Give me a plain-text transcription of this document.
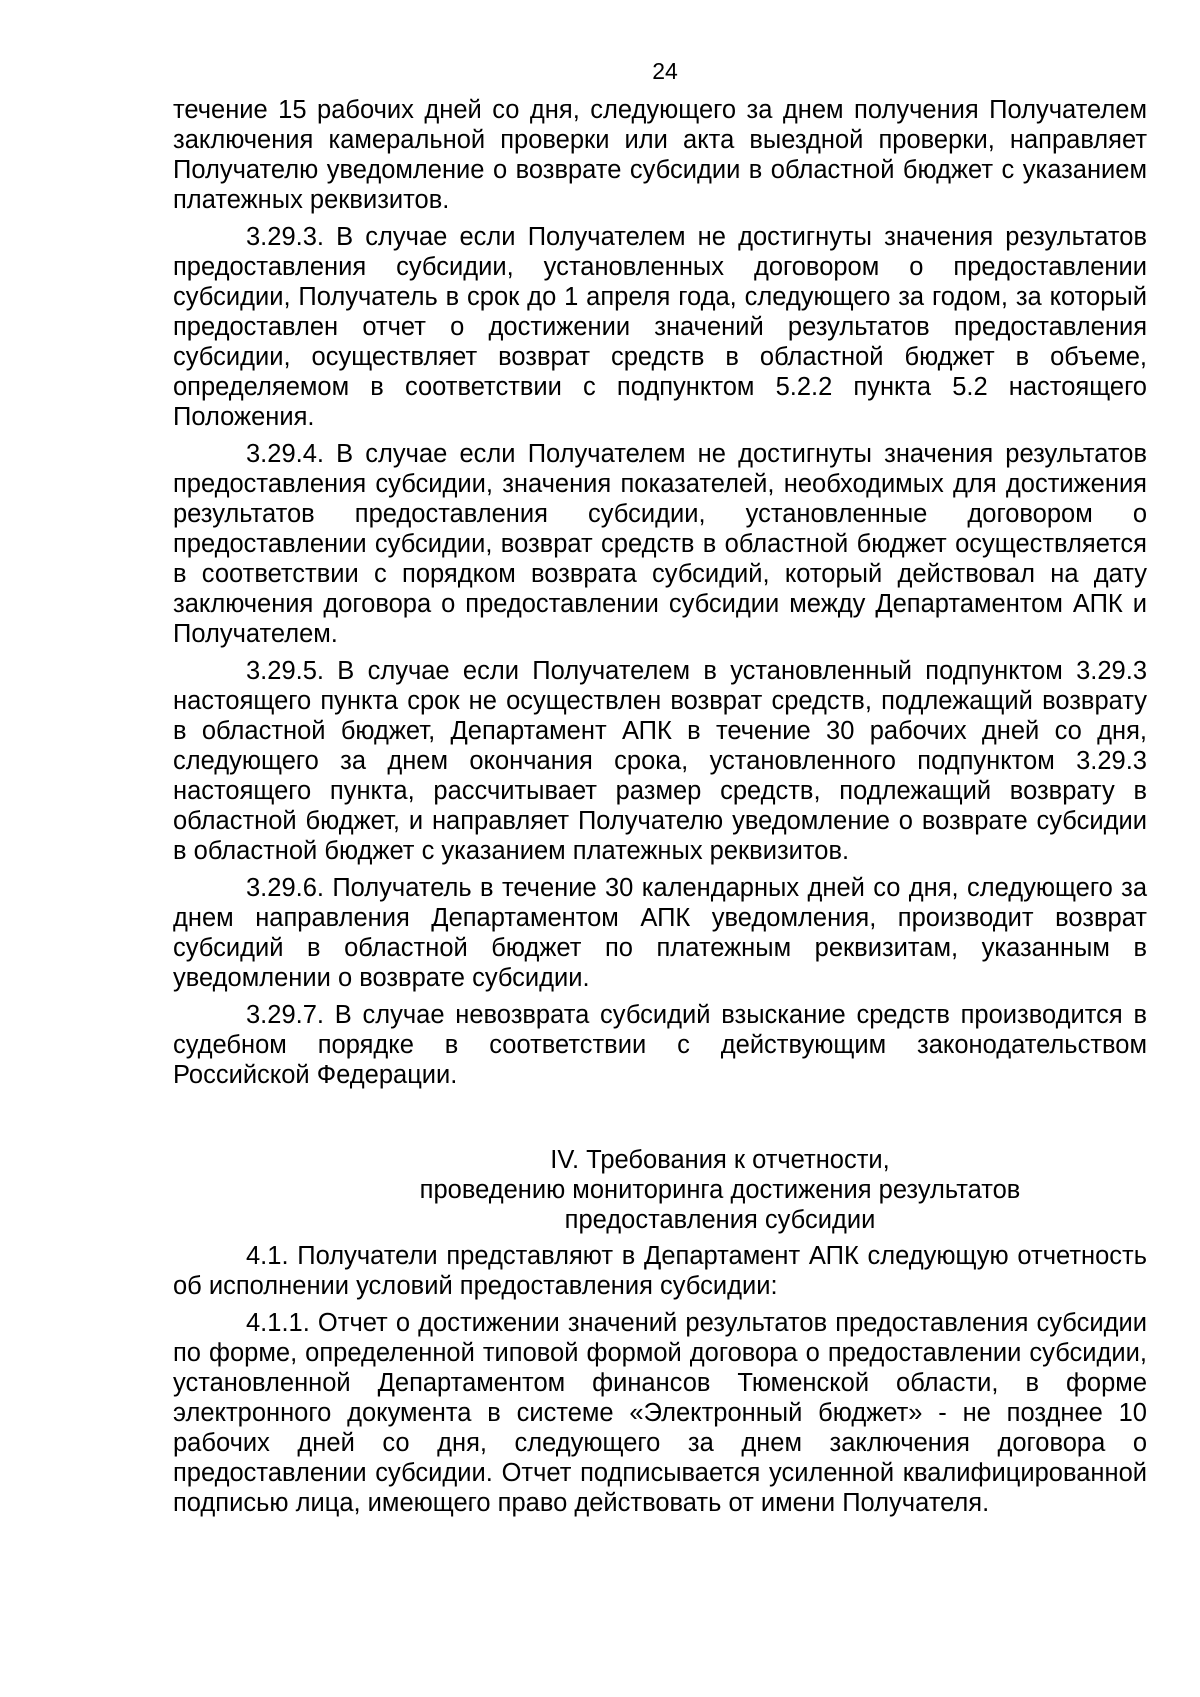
24

течение 15 рабочих дней со дня, следующего за днем получения Получателем заключения камеральной проверки или акта выездной проверки, направляет Получателю уведомление о возврате субсидии в областной бюджет с указанием платежных реквизитов.

3.29.3. В случае если Получателем не достигнуты значения результатов предоставления субсидии, установленных договором о предоставлении субсидии, Получатель в срок до 1 апреля года, следующего за годом, за который предоставлен отчет о достижении значений результатов предоставления субсидии, осуществляет возврат средств в областной бюджет в объеме, определяемом в соответствии с подпунктом 5.2.2 пункта 5.2 настоящего Положения.

3.29.4. В случае если Получателем не достигнуты значения результатов предоставления субсидии, значения показателей, необходимых для достижения результатов предоставления субсидии, установленные договором о предоставлении субсидии, возврат средств в областной бюджет осуществляется в соответствии с порядком возврата субсидий, который действовал на дату заключения договора о предоставлении субсидии между Департаментом АПК и Получателем.

3.29.5. В случае если Получателем в установленный подпунктом 3.29.3 настоящего пункта срок не осуществлен возврат средств, подлежащий возврату в областной бюджет, Департамент АПК в течение 30 рабочих дней со дня, следующего за днем окончания срока, установленного подпунктом 3.29.3 настоящего пункта, рассчитывает размер средств, подлежащий возврату в областной бюджет, и направляет Получателю уведомление о возврате субсидии в областной бюджет с указанием платежных реквизитов.

3.29.6. Получатель в течение 30 календарных дней со дня, следующего за днем направления Департаментом АПК уведомления, производит возврат субсидий в областной бюджет по платежным реквизитам, указанным в уведомлении о возврате субсидии.

3.29.7. В случае невозврата субсидий взыскание средств производится в судебном порядке в соответствии с действующим законодательством Российской Федерации.

IV. Требования к отчетности,
проведению мониторинга достижения результатов
предоставления субсидии

4.1. Получатели представляют в Департамент АПК следующую отчетность об исполнении условий предоставления субсидии:

4.1.1. Отчет о достижении значений результатов предоставления субсидии по форме, определенной типовой формой договора о предоставлении субсидии, установленной Департаментом финансов Тюменской области, в форме электронного документа в системе «Электронный бюджет» - не позднее 10 рабочих дней со дня, следующего за днем заключения договора о предоставлении субсидии. Отчет подписывается усиленной квалифицированной подписью лица, имеющего право действовать от имени Получателя.
